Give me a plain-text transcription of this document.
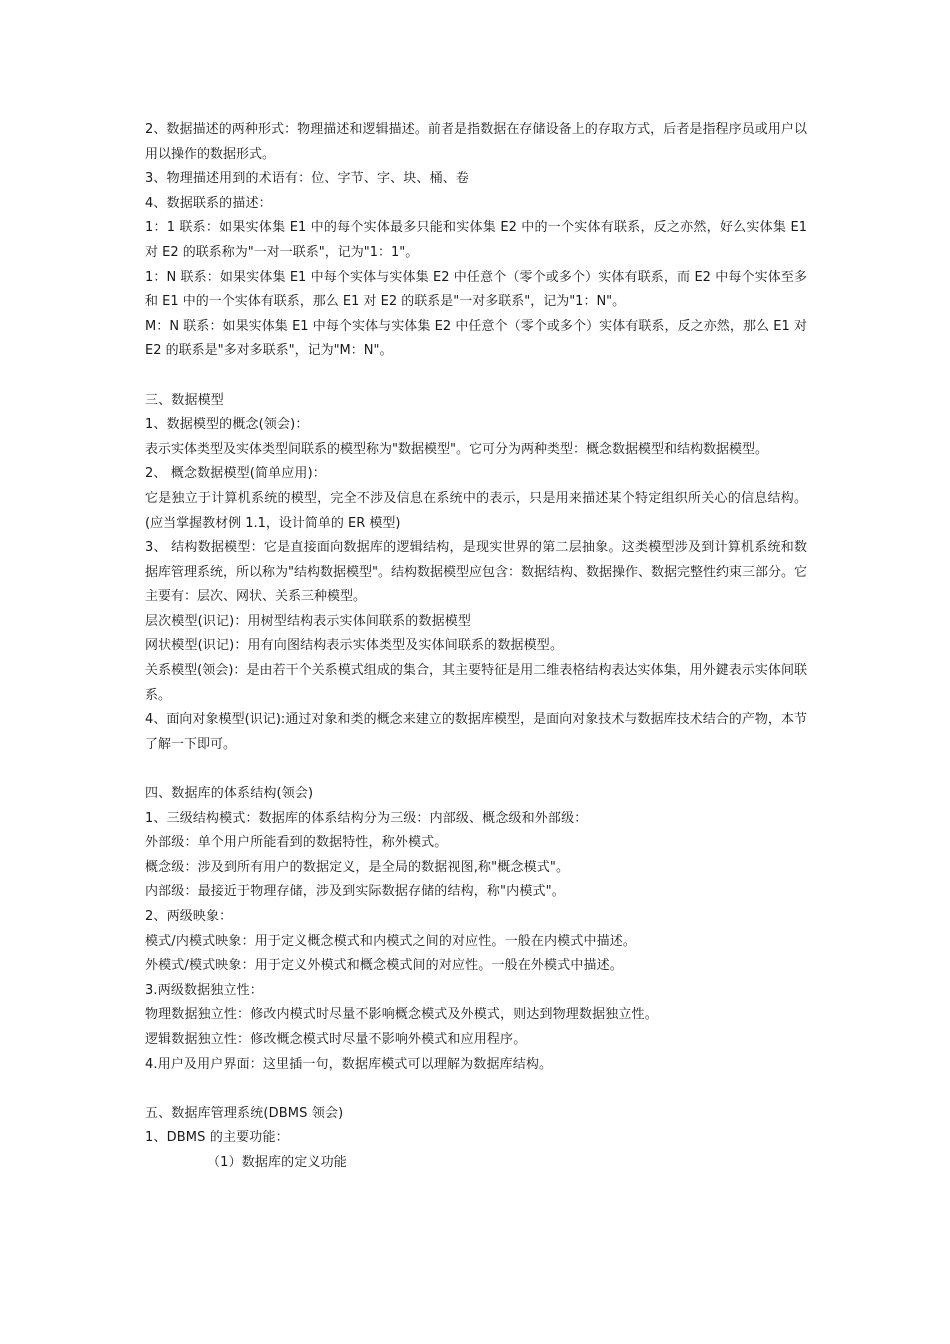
2、数据描述的两种形式：物理描述和逻辑描述。前者是指数据在存储设备上的存取方式，后者是指程序员或用户以用以操作的数据形式。
3、物理描述用到的术语有：位、字节、字、块、桶、卷
4、数据联系的描述：
1：1 联系：如果实体集 E1 中的每个实体最多只能和实体集 E2 中的一个实体有联系，反之亦然，好么实体集 E1 对 E2 的联系称为"一对一联系"，记为"1：1"。
1：N 联系：如果实体集 E1 中每个实体与实体集 E2 中任意个（零个或多个）实体有联系，而 E2 中每个实体至多和 E1 中的一个实体有联系，那么 E1 对 E2 的联系是"一对多联系"，记为"1：N"。
M：N 联系：如果实体集 E1 中每个实体与实体集 E2 中任意个（零个或多个）实体有联系，反之亦然，那么 E1 对 E2 的联系是"多对多联系"，记为"M：N"。
三、数据模型
1、数据模型的概念(领会)：
表示实体类型及实体类型间联系的模型称为"数据模型"。它可分为两种类型：概念数据模型和结构数据模型。
2、 概念数据模型(简单应用)：
它是独立于计算机系统的模型，完全不涉及信息在系统中的表示，只是用来描述某个特定组织所关心的信息结构。(应当掌握教材例 1.1，设计简单的 ER 模型)
3、 结构数据模型：它是直接面向数据库的逻辑结构，是现实世界的第二层抽象。这类模型涉及到计算机系统和数据库管理系统，所以称为"结构数据模型"。结构数据模型应包含：数据结构、数据操作、数据完整性约束三部分。它主要有：层次、网状、关系三种模型。
层次模型(识记)：用树型结构表示实体间联系的数据模型
网状模型(识记)：用有向图结构表示实体类型及实体间联系的数据模型。
关系模型(领会)：是由若干个关系模式组成的集合，其主要特征是用二维表格结构表达实体集，用外鍵表示实体间联系。
4、面向对象模型(识记):通过对象和类的概念来建立的数据库模型，是面向对象技术与数据库技术结合的产物，本节了解一下即可。
四、数据库的体系结构(领会)
1、三级结构模式：数据库的体系结构分为三级：内部级、概念级和外部级：
外部级：单个用户所能看到的数据特性，称外模式。
概念级：涉及到所有用户的数据定义，是全局的数据视图,称"概念模式"。
内部级：最接近于物理存储，涉及到实际数据存储的结构，称"内模式"。
2、两级映象：
模式/内模式映象：用于定义概念模式和内模式之间的对应性。一般在内模式中描述。
外模式/模式映象：用于定义外模式和概念模式间的对应性。一般在外模式中描述。
3.两级数据独立性：
物理数据独立性：修改内模式时尽量不影响概念模式及外模式，则达到物理数据独立性。
逻辑数据独立性：修改概念模式时尽量不影响外模式和应用程序。
4.用户及用户界面：这里插一句，数据库模式可以理解为数据库结构。
五、数据库管理系统(DBMS 领会)
1、DBMS 的主要功能：
（1）数据库的定义功能
